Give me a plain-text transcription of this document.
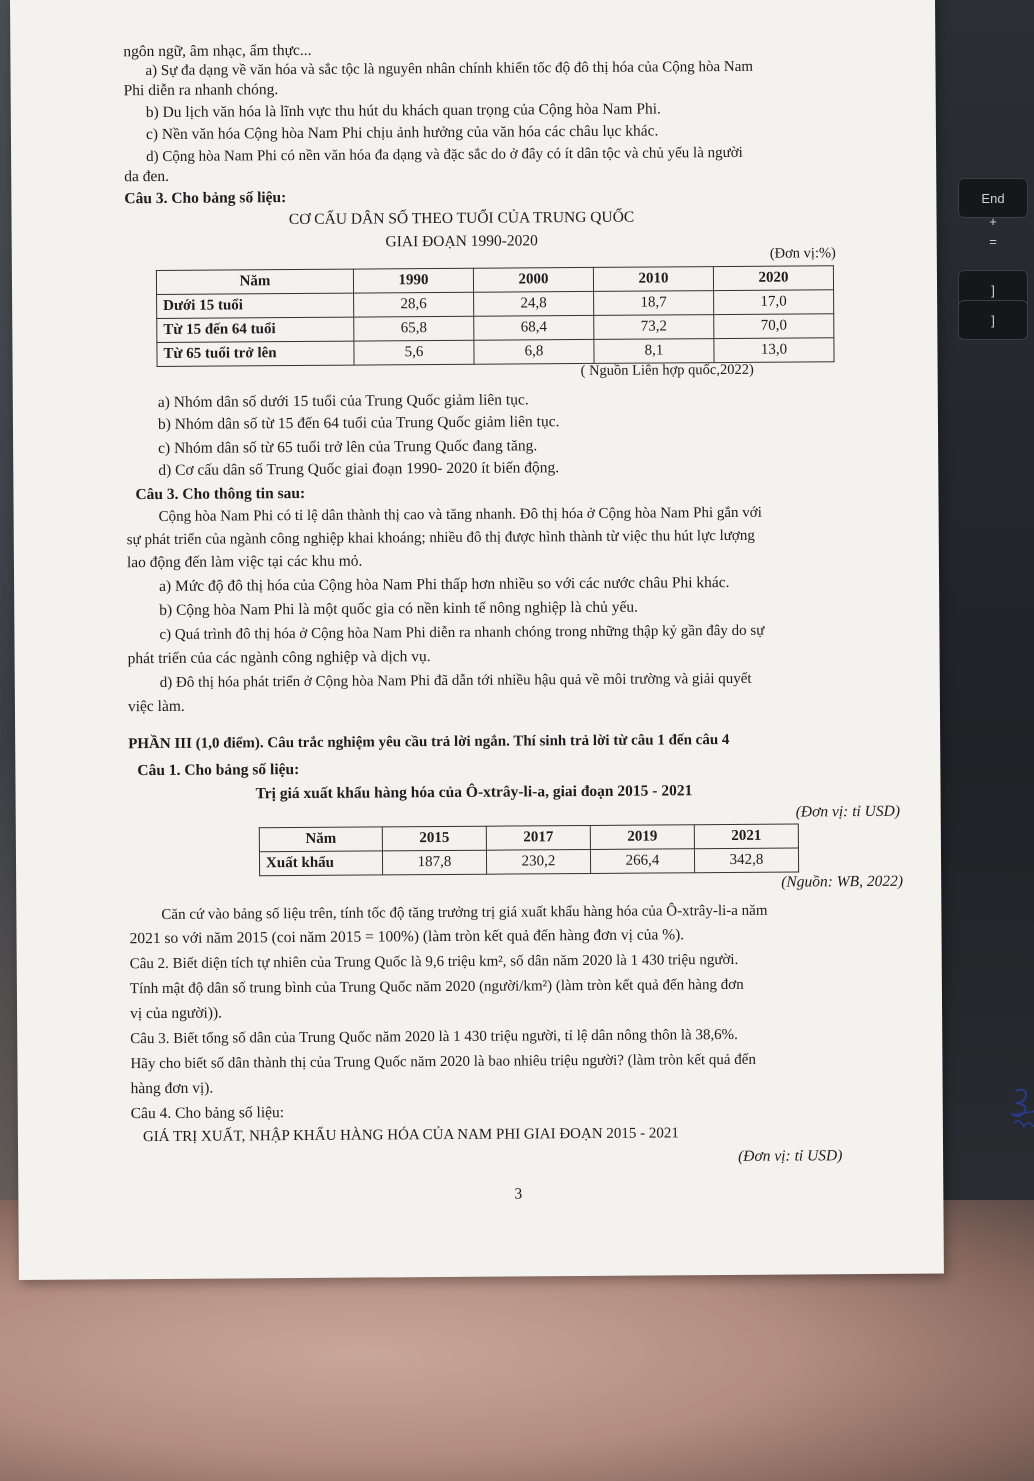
End
+
=
]
]
ngôn ngữ, âm nhạc, ẩm thực...
a) Sự đa dạng về văn hóa và sắc tộc là nguyên nhân chính khiến tốc độ đô thị hóa của Cộng hòa Nam
Phi diễn ra nhanh chóng.
b) Du lịch văn hóa là lĩnh vực thu hút du khách quan trọng của Cộng hòa Nam Phi.
c) Nền văn hóa Cộng hòa Nam Phi chịu ảnh hưởng của văn hóa các châu lục khác.
d) Cộng hòa Nam Phi có nền văn hóa đa dạng và đặc sắc do ở đây có ít dân tộc và chủ yếu là người
da đen.
Câu 3. Cho bảng số liệu:
CƠ CẤU DÂN SỐ THEO TUỔI CỦA TRUNG QUỐC
GIAI ĐOẠN 1990-2020
(Đơn vị:%)
Năm	1990	2000	2010	2020
Dưới 15 tuổi	28,6	24,8	18,7	17,0
Từ 15 đến 64 tuổi	65,8	68,4	73,2	70,0
Từ 65 tuổi trở lên	5,6	6,8	8,1	13,0
( Nguồn Liên hợp quốc,2022)
a) Nhóm dân số dưới 15 tuổi của Trung Quốc giảm liên tục.
b) Nhóm dân số từ 15 đến 64 tuổi của Trung Quốc giảm liên tục.
c) Nhóm dân số từ 65 tuổi trở lên của Trung Quốc đang tăng.
d) Cơ cấu dân số Trung Quốc giai đoạn 1990- 2020 ít biến động.
Câu 3. Cho thông tin sau:
Cộng hòa Nam Phi có tỉ lệ dân thành thị cao và tăng nhanh. Đô thị hóa ở Cộng hòa Nam Phi gắn với
sự phát triển của ngành công nghiệp khai khoáng; nhiều đô thị được hình thành từ việc thu hút lực lượng
lao động đến làm việc tại các khu mỏ.
a) Mức độ đô thị hóa của Cộng hòa Nam Phi thấp hơn nhiều so với các nước châu Phi khác.
b) Cộng hòa Nam Phi là một quốc gia có nền kinh tế nông nghiệp là chủ yếu.
c) Quá trình đô thị hóa ở Cộng hòa Nam Phi diễn ra nhanh chóng trong những thập kỷ gần đây do sự
phát triển của các ngành công nghiệp và dịch vụ.
d) Đô thị hóa phát triển ở Cộng hòa Nam Phi đã dẫn tới nhiều hậu quả về môi trường và giải quyết
việc làm.
PHẦN III (1,0 điểm). Câu trắc nghiệm yêu cầu trả lời ngắn. Thí sinh trả lời từ câu 1 đến câu 4
Câu 1. Cho bảng số liệu:
Trị giá xuất khẩu hàng hóa của Ô-xtrây-li-a, giai đoạn 2015 - 2021
(Đơn vị: tỉ USD)
Năm	2015	2017	2019	2021
Xuất khẩu	187,8	230,2	266,4	342,8
(Nguồn: WB, 2022)
Căn cứ vào bảng số liệu trên, tính tốc độ tăng trưởng trị giá xuất khẩu hàng hóa của Ô-xtrây-li-a năm
2021 so với năm 2015 (coi năm 2015 = 100%) (làm tròn kết quả đến hàng đơn vị của %).
Câu 2. Biết diện tích tự nhiên của Trung Quốc là 9,6 triệu km², số dân năm 2020 là 1 430 triệu người.
Tính mật độ dân số trung bình của Trung Quốc năm 2020 (người/km²) (làm tròn kết quả đến hàng đơn
vị của người)).
Câu 3. Biết tổng số dân của Trung Quốc năm 2020 là 1 430 triệu người, tỉ lệ dân nông thôn là 38,6%.
Hãy cho biết số dân thành thị của Trung Quốc năm 2020 là bao nhiêu triệu người? (làm tròn kết quả đến
hàng đơn vị).
Câu 4. Cho bảng số liệu:
GIÁ TRỊ XUẤT, NHẬP KHẨU HÀNG HÓA CỦA NAM PHI GIAI ĐOẠN 2015 - 2021
(Đơn vị: tỉ USD)
3
